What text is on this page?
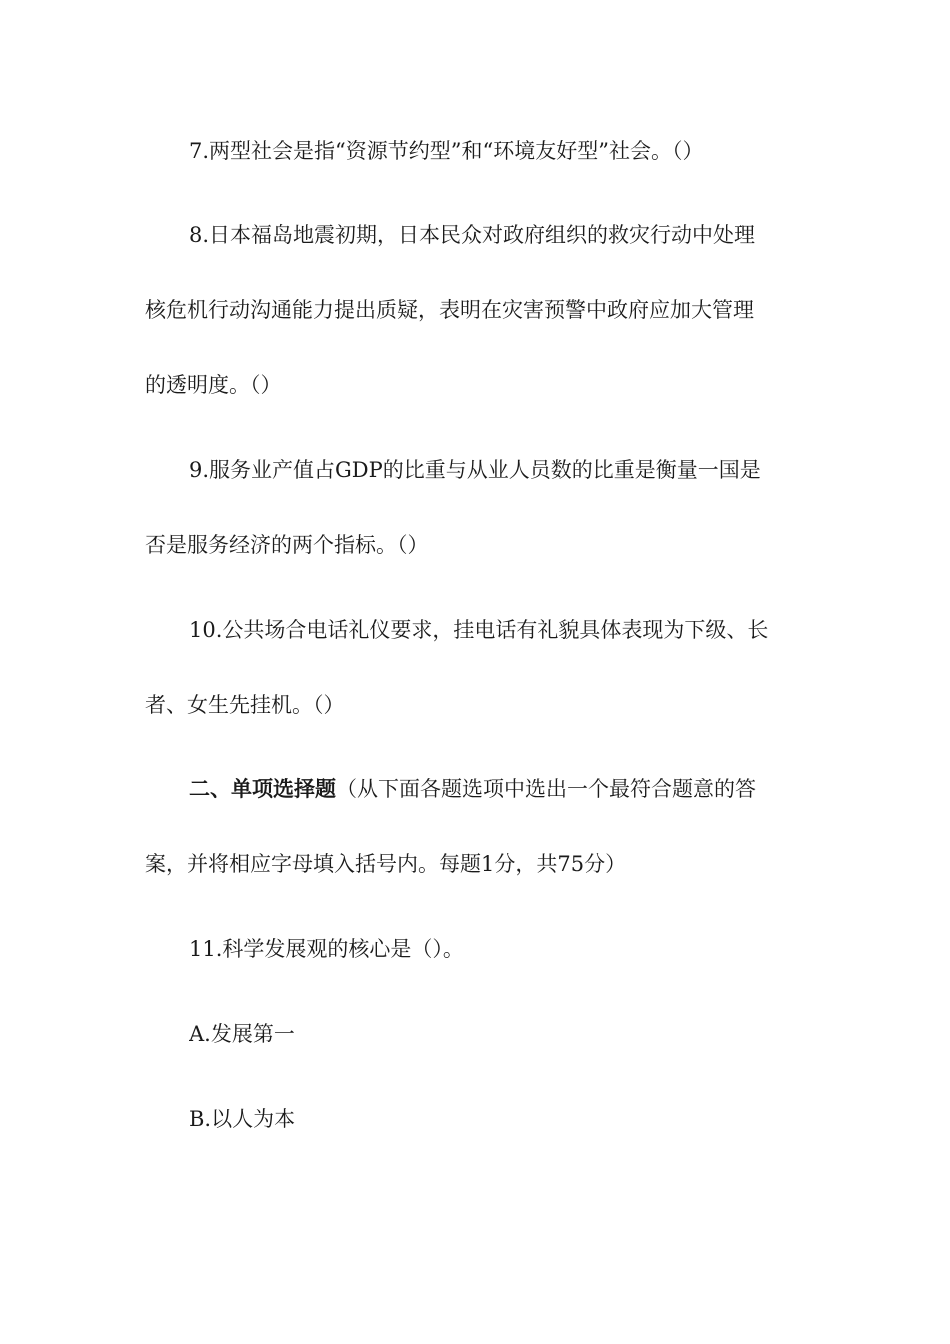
7.两型社会是指“资源节约型”和“环境友好型”社会。（）
8.日本福岛地震初期，日本民众对政府组织的救灾行动中处理
核危机行动沟通能力提出质疑，表明在灾害预警中政府应加大管理
的透明度。（）
9.服务业产值占GDP的比重与从业人员数的比重是衡量一国是
否是服务经济的两个指标。（）
10.公共场合电话礼仪要求，挂电话有礼貌具体表现为下级、长
者、女生先挂机。（）
二、单项选择题（从下面各题选项中选出一个最符合题意的答
案，并将相应字母填入括号内。每题1分，共75分）
11.科学发展观的核心是（）。
A.发展第一
B.以人为本
